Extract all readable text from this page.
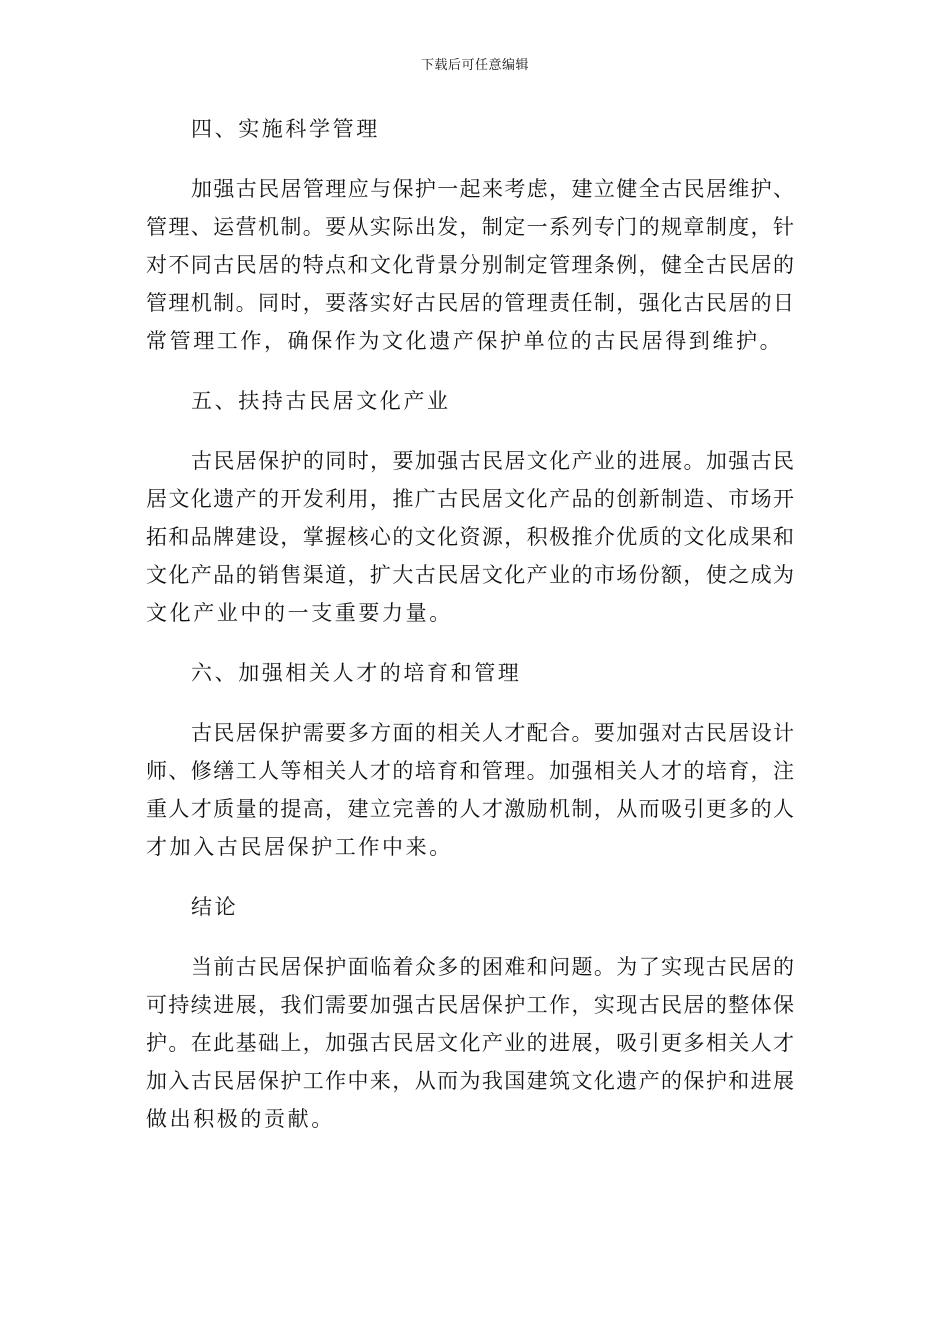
下载后可任意编辑
四、实施科学管理
加强古民居管理应与保护一起来考虑，建立健全古民居维护、
管理、运营机制。要从实际出发，制定一系列专门的规章制度，针
对不同古民居的特点和文化背景分别制定管理条例，健全古民居的
管理机制。同时，要落实好古民居的管理责任制，强化古民居的日
常管理工作，确保作为文化遗产保护单位的古民居得到维护。
五、扶持古民居文化产业
古民居保护的同时，要加强古民居文化产业的进展。加强古民
居文化遗产的开发利用，推广古民居文化产品的创新制造、市场开
拓和品牌建设，掌握核心的文化资源，积极推介优质的文化成果和
文化产品的销售渠道，扩大古民居文化产业的市场份额，使之成为
文化产业中的一支重要力量。
六、加强相关人才的培育和管理
古民居保护需要多方面的相关人才配合。要加强对古民居设计
师、修缮工人等相关人才的培育和管理。加强相关人才的培育，注
重人才质量的提高，建立完善的人才激励机制，从而吸引更多的人
才加入古民居保护工作中来。
结论
当前古民居保护面临着众多的困难和问题。为了实现古民居的
可持续进展，我们需要加强古民居保护工作，实现古民居的整体保
护。在此基础上，加强古民居文化产业的进展，吸引更多相关人才
加入古民居保护工作中来，从而为我国建筑文化遗产的保护和进展
做出积极的贡献。
